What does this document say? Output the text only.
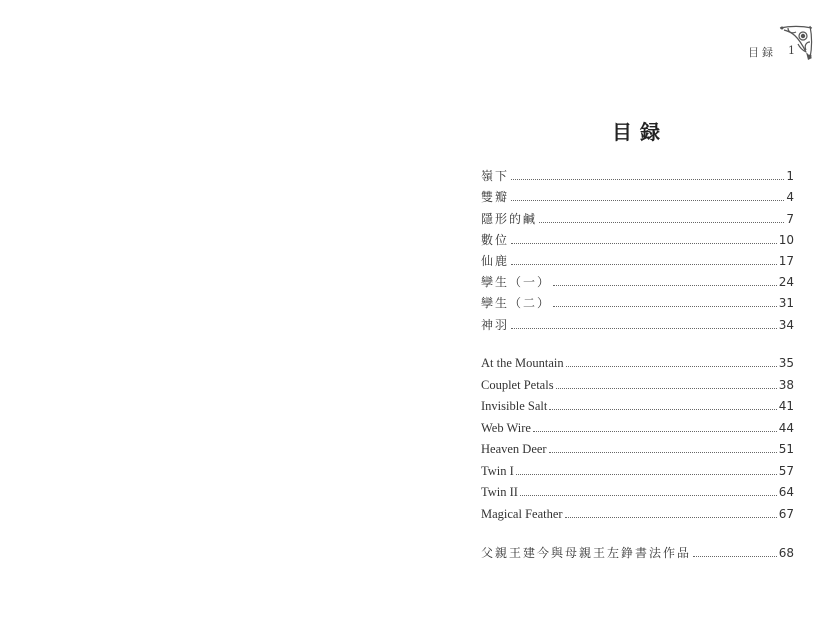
目録 1
目録
嶺下	1
雙瓣	4
隱形的鹹	7
數位	10
仙鹿	17
孿生（一）	24
孿生（二）	31
神羽	34
At the Mountain	35
Couplet Petals	38
Invisible Salt	41
Web Wire	44
Heaven Deer	51
Twin I	57
Twin II	64
Magical Feather	67
父親王建今與母親王左錚書法作品	68
